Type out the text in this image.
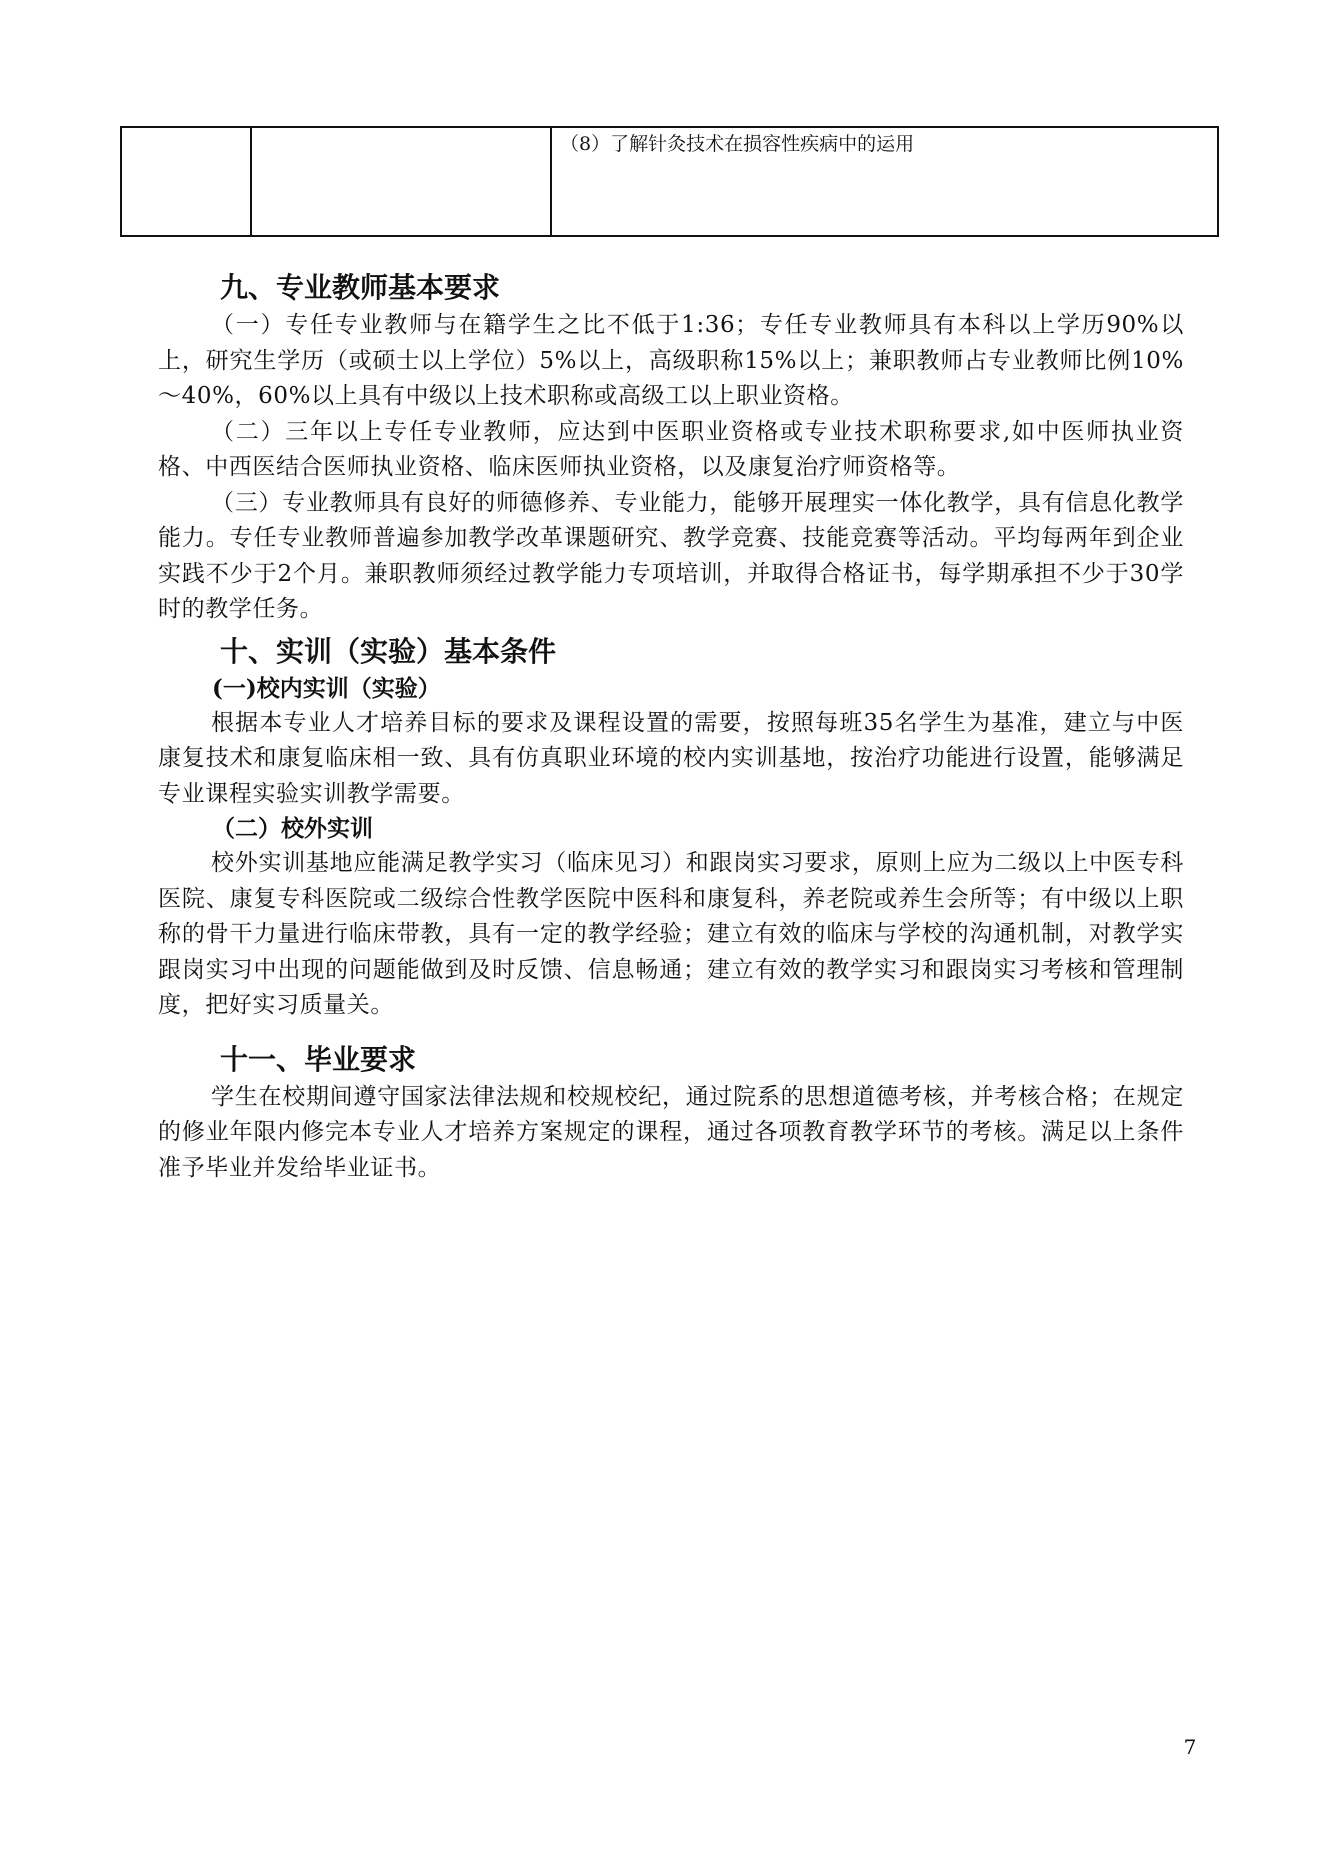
（8）了解针灸技术在损容性疾病中的运用
九、专业教师基本要求

（一）专任专业教师与在籍学生之比不低于1:36；专任专业教师具有本科以上学历90%以上，研究生学历（或硕士以上学位）5%以上，高级职称15%以上；兼职教师占专业教师比例10%～40%，60%以上具有中级以上技术职称或高级工以上职业资格。

（二）三年以上专任专业教师，应达到中医职业资格或专业技术职称要求,如中医师执业资格、中西医结合医师执业资格、临床医师执业资格，以及康复治疗师资格等。

（三）专业教师具有良好的师德修养、专业能力，能够开展理实一体化教学，具有信息化教学能力。专任专业教师普遍参加教学改革课题研究、教学竞赛、技能竞赛等活动。平均每两年到企业实践不少于2个月。兼职教师须经过教学能力专项培训，并取得合格证书，每学期承担不少于30学时的教学任务。

十、实训（实验）基本条件
(一)校内实训（实验）

根据本专业人才培养目标的要求及课程设置的需要，按照每班35名学生为基准，建立与中医康复技术和康复临床相一致、具有仿真职业环境的校内实训基地，按治疗功能进行设置，能够满足专业课程实验实训教学需要。

（二）校外实训

校外实训基地应能满足教学实习（临床见习）和跟岗实习要求，原则上应为二级以上中医专科医院、康复专科医院或二级综合性教学医院中医科和康复科，养老院或养生会所等；有中级以上职称的骨干力量进行临床带教，具有一定的教学经验；建立有效的临床与学校的沟通机制，对教学实跟岗实习中出现的问题能做到及时反馈、信息畅通；建立有效的教学实习和跟岗实习考核和管理制度，把好实习质量关。

十一、毕业要求

学生在校期间遵守国家法律法规和校规校纪，通过院系的思想道德考核，并考核合格；在规定的修业年限内修完本专业人才培养方案规定的课程，通过各项教育教学环节的考核。满足以上条件准予毕业并发给毕业证书。

7
